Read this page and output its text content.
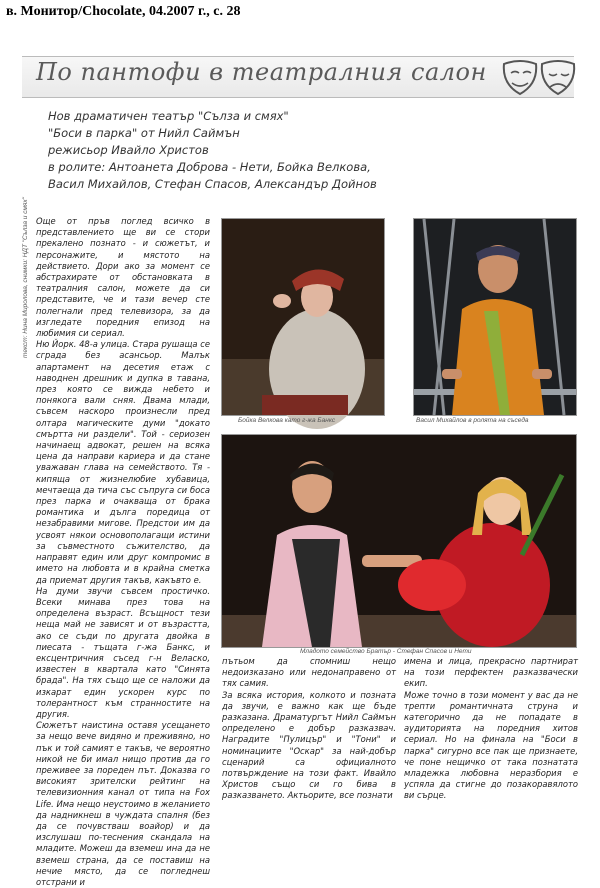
в. Монитор/Chocolate, 04.2007 г., с. 28
По пантофи в театралния салон
Нов драматичен театър "Сълза и смях"
"Боси в парка" от Нийл Саймън
режисьор Ивайло Христов
в ролите: Антоанета Доброва - Нети, Бойка Велкова,
Васил Михайлов, Стефан Спасов, Александър Дойнов
текст: Нина Миролова, снимки: НДТ "Сълза и смях" Още от пръв поглед всичко в представлението ще ви се стори прекалено познато - и сюжетът, и персонажите, и мястото на действието. Дори ако за момент се абстрахирате от обстановката в театралния салон, можете да си представите, че и тази вечер сте полегнали пред телевизора, за да изгледате поредния епизод на любимия си сериал.

Ню Йорк. 48-а улица. Стара рушаща се сграда без асансьор. Малък апартамент на десетия етаж с наводнен дрешник и дупка в тавана, през която се вижда небето и понякога вали сняя. Двама млади, съвсем наскоро произнесли пред олтара магическите думи "докато смъртта ни раздели". Той - сериозен начинаещ адвокат, решен на всяка цена да направи кариера и да стане уважаван глава на семейството. Тя - кипяща от жизнелюбие хубавица, мечтаеща да тича със съпруга си боса през парка и очакваща от брака романтика и дълга поредица от незабравими мигове. Предстои им да усвоят някои основополагащи истини за съвместното съжителство, да направят един или друг компромис в името на любовта и в крайна сметка да приемат другия такъв, какъвто е.

На думи звучи съвсем простичко. Всеки минава през това на определена възраст. Всъщност тези неща май не зависят и от възрастта, ако се съди по другата двойка в пиесата - тъщата г-жа Банкс, и ексцентричния съсед г-н Веласко, известен в квартала като "Синята брада". На тях също ще се наложи да изкарат един ускорен курс по толерантност към странностите на другия.

Сюжетът наистина оставя усещането за нещо вече видяно и преживяно, но пък и той самият е такъв, че вероятно никой не би имал нищо против да го преживее за пореден път. Доказва го високият зрителски рейтинг на телевизионния канал от типа на Fox Life. Има нещо неустоимо в желанието да надникнеш в чуждата спалня (без да се почувстваш воайор) и да изслушаш по-теснения скандала на младите. Можеш да вземеш ина да не вземеш страна, да се поставиш на нечие място, да се погледнеш отстрани и

Бойка Велкова като г-жа Банкс	Васил Михайлов в ролята на съседа
Младото семейство Братър - Стефан Спасов и Нети

пътьом да спомниш нещо недоизказано или недонаправено от тях самия.

За всяка история, колкото и позната да звучи, е важно как ще бъде разказана. Драматургът Нийл Саймън определено е добър разказвач. Наградите "Пулицър" и "Тони" и номинациите "Оскар" за най-добър сценарий са официалното потвърждение на този факт. Ивайло Христов също си го бива в разказването. Актьорите, все познати

имена и лица, прекрасно партнират на този перфектен разказвачески екип.

Може точно в този момент у вас да не трепти романтичната струна и категорично да не попадате в аудиторията на поредния хитов сериал. Но на финала на "Боси в парка" сигурно все пак ще признаете, че поне нещичко от така познатата младежка любовна неразбория е успяла да стигне до позакоравялото ви сърце.
